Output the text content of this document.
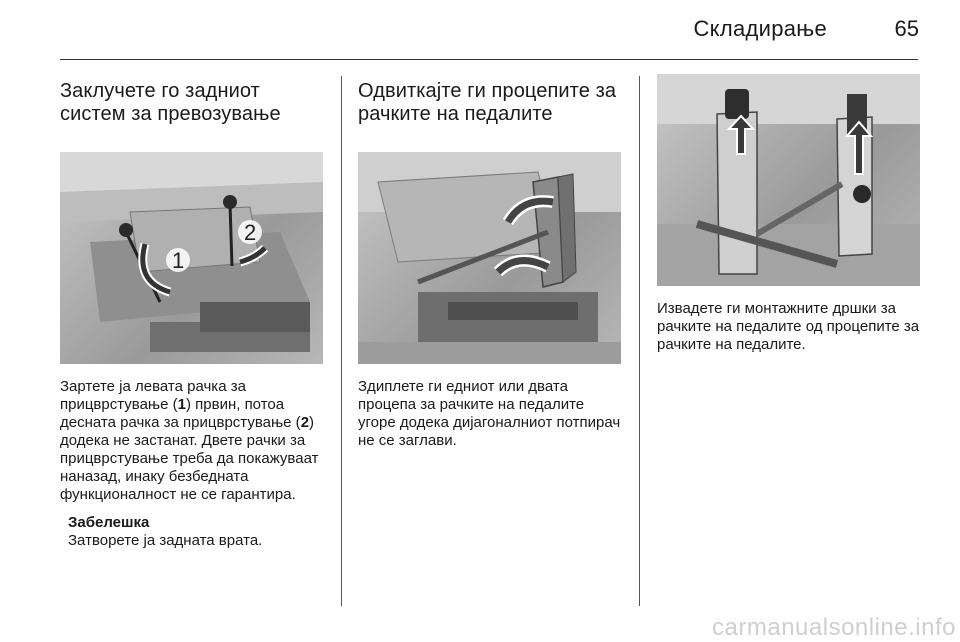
Складирање	65
Заклучете го задниот систем за превозување
1
2

Зартете ја левата рачка за прицврстување (1) првин, потоа десната рачка за прицврстување (2) додека не застанат. Двете рачки за прицврстување треба да покажуваат наназад, инаку безбедната функционалност не се гарантира.

Забелешка
Затворете ја задната врата.
Одвиткајте ги процепите за рачките на педалите

Здиплете ги едниот или двата процепа за рачките на педалите угоре додека дијагоналниот потпирач не се заглави.

Извадете ги монтажните дршки за рачките на педалите од процепите за рачките на педалите.

carmanualsonline.info
